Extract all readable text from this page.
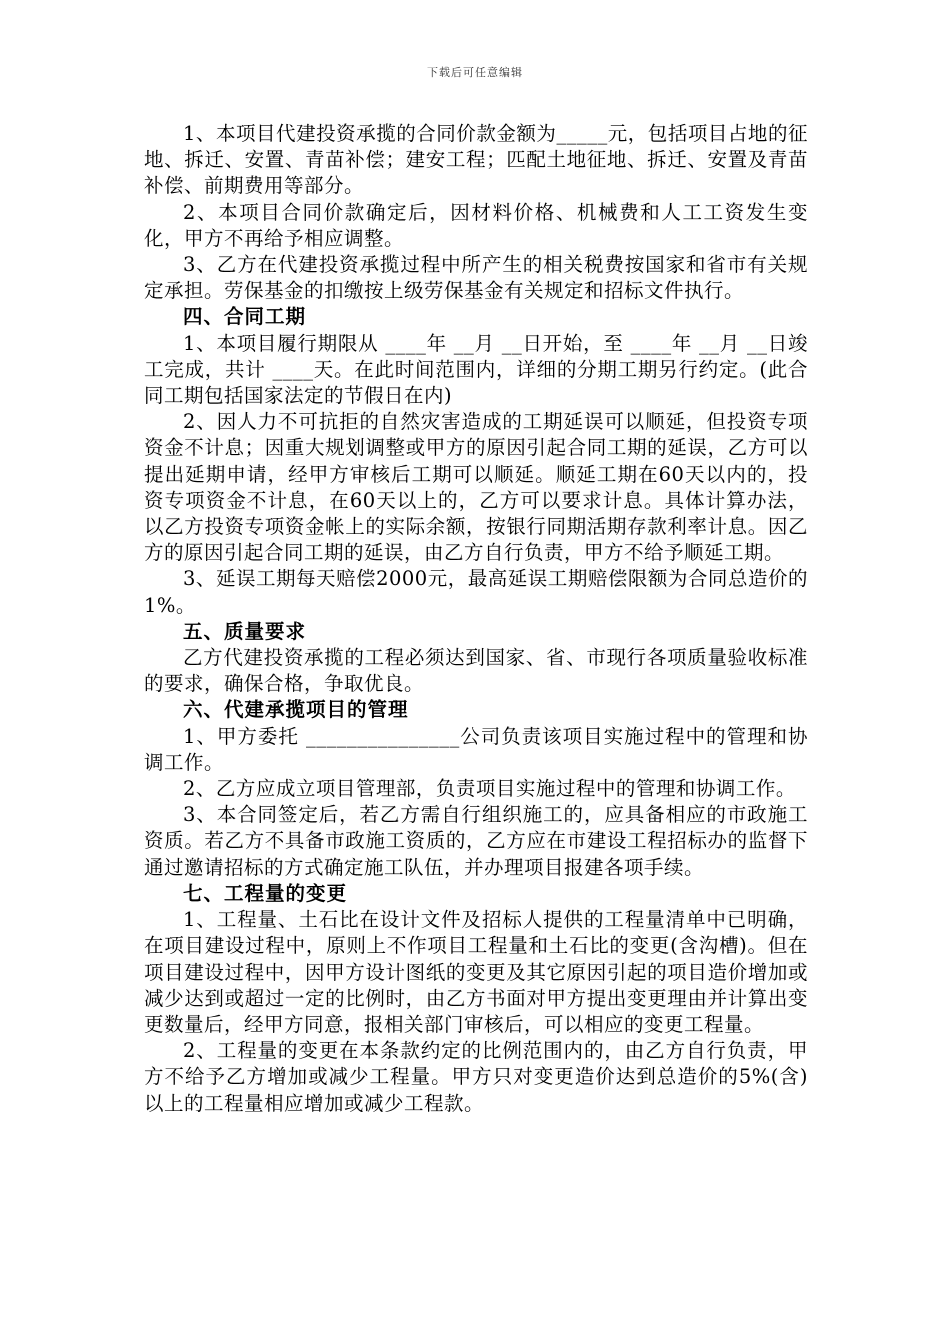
下载后可任意编辑

1、本项目代建投资承揽的合同价款金额为_____元，包括项目占地的征地、拆迁、安置、青苗补偿；建安工程；匹配土地征地、拆迁、安置及青苗补偿、前期费用等部分。

2、本项目合同价款确定后，因材料价格、机械费和人工工资发生变化，甲方不再给予相应调整。

3、乙方在代建投资承揽过程中所产生的相关税费按国家和省市有关规定承担。劳保基金的扣缴按上级劳保基金有关规定和招标文件执行。

四、合同工期

1、本项目履行期限从 ____年 __月 __日开始，至 ____年 __月 __日竣工完成，共计 ____天。在此时间范围内，详细的分期工期另行约定。(此合同工期包括国家法定的节假日在内)

2、因人力不可抗拒的自然灾害造成的工期延误可以顺延，但投资专项资金不计息；因重大规划调整或甲方的原因引起合同工期的延误，乙方可以提出延期申请，经甲方审核后工期可以顺延。顺延工期在60天以内的，投资专项资金不计息，在60天以上的，乙方可以要求计息。具体计算办法，以乙方投资专项资金帐上的实际余额，按银行同期活期存款利率计息。因乙方的原因引起合同工期的延误，由乙方自行负责，甲方不给予顺延工期。

3、延误工期每天赔偿2000元，最高延误工期赔偿限额为合同总造价的1%。

五、质量要求

乙方代建投资承揽的工程必须达到国家、省、市现行各项质量验收标准的要求，确保合格，争取优良。

六、代建承揽项目的管理

1、甲方委托 _______________公司负责该项目实施过程中的管理和协调工作。

2、乙方应成立项目管理部，负责项目实施过程中的管理和协调工作。

3、本合同签定后，若乙方需自行组织施工的，应具备相应的市政施工资质。若乙方不具备市政施工资质的，乙方应在市建设工程招标办的监督下通过邀请招标的方式确定施工队伍，并办理项目报建各项手续。

七、工程量的变更

1、工程量、土石比在设计文件及招标人提供的工程量清单中已明确，在项目建设过程中，原则上不作项目工程量和土石比的变更(含沟槽)。但在项目建设过程中，因甲方设计图纸的变更及其它原因引起的项目造价增加或减少达到或超过一定的比例时，由乙方书面对甲方提出变更理由并计算出变更数量后，经甲方同意，报相关部门审核后，可以相应的变更工程量。

2、工程量的变更在本条款约定的比例范围内的，由乙方自行负责，甲方不给予乙方增加或减少工程量。甲方只对变更造价达到总造价的5%(含)以上的工程量相应增加或减少工程款。
